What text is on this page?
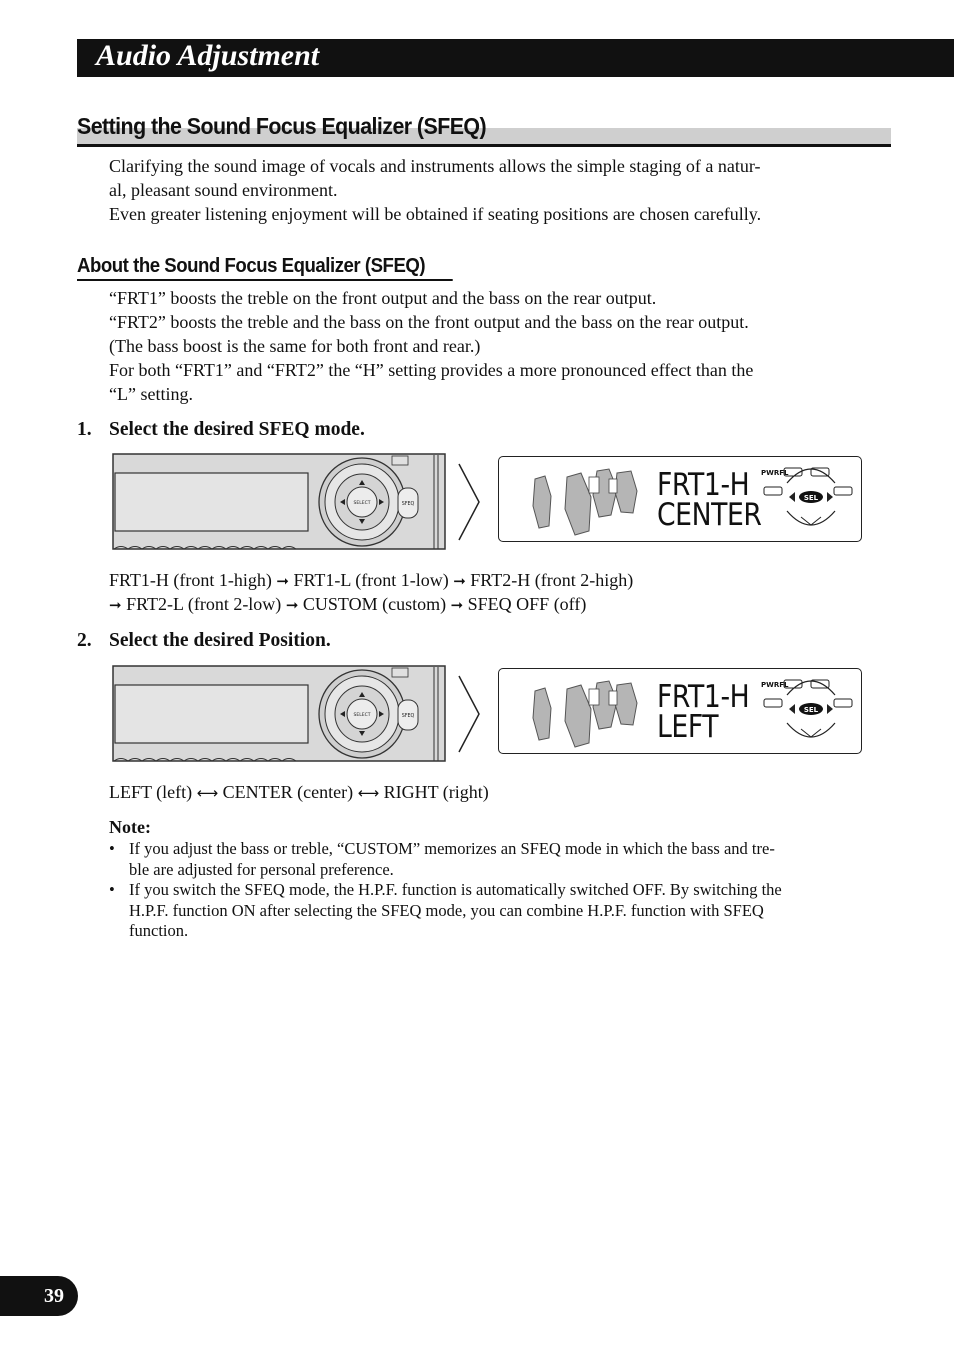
Audio Adjustment
Setting the Sound Focus Equalizer (SFEQ)

Clarifying the sound image of vocals and instruments allows the simple staging of a natur-

al, pleasant sound environment.

Even greater listening enjoyment will be obtained if seating positions are chosen carefully.

About the Sound Focus Equalizer (SFEQ)

“FRT1” boosts the treble on the front output and the bass on the rear output.

“FRT2” boosts the treble and the bass on the front output and the bass on the rear output.

(The bass boost is the same for both front and rear.)

For both “FRT1” and “FRT2” the “H” setting provides a more pronounced effect than the

“L” setting.

1. Select the desired SFEQ mode.
SELECT	SFEQ
PWRFL
SEL
FRT1-H
CENTER
FRT1-H (front 1-high) ➞ FRT1-L (front 1-low) ➞ FRT2-H (front 2-high)
➞ FRT2-L (front 2-low) ➞ CUSTOM (custom) ➞ SFEQ OFF (off)
2. Select the desired Position.
SELECT	SFEQ
PWRFL
SEL
FRT1-H
LEFT
LEFT (left) ⟷ CENTER (center) ⟷ RIGHT (right)
Note:
• If you adjust the bass or treble, “CUSTOM” memorizes an SFEQ mode in which the bass and tre-
ble are adjusted for personal preference.
• If you switch the SFEQ mode, the H.P.F. function is automatically switched OFF. By switching the
H.P.F. function ON after selecting the SFEQ mode, you can combine H.P.F. function with SFEQ
function.
39
